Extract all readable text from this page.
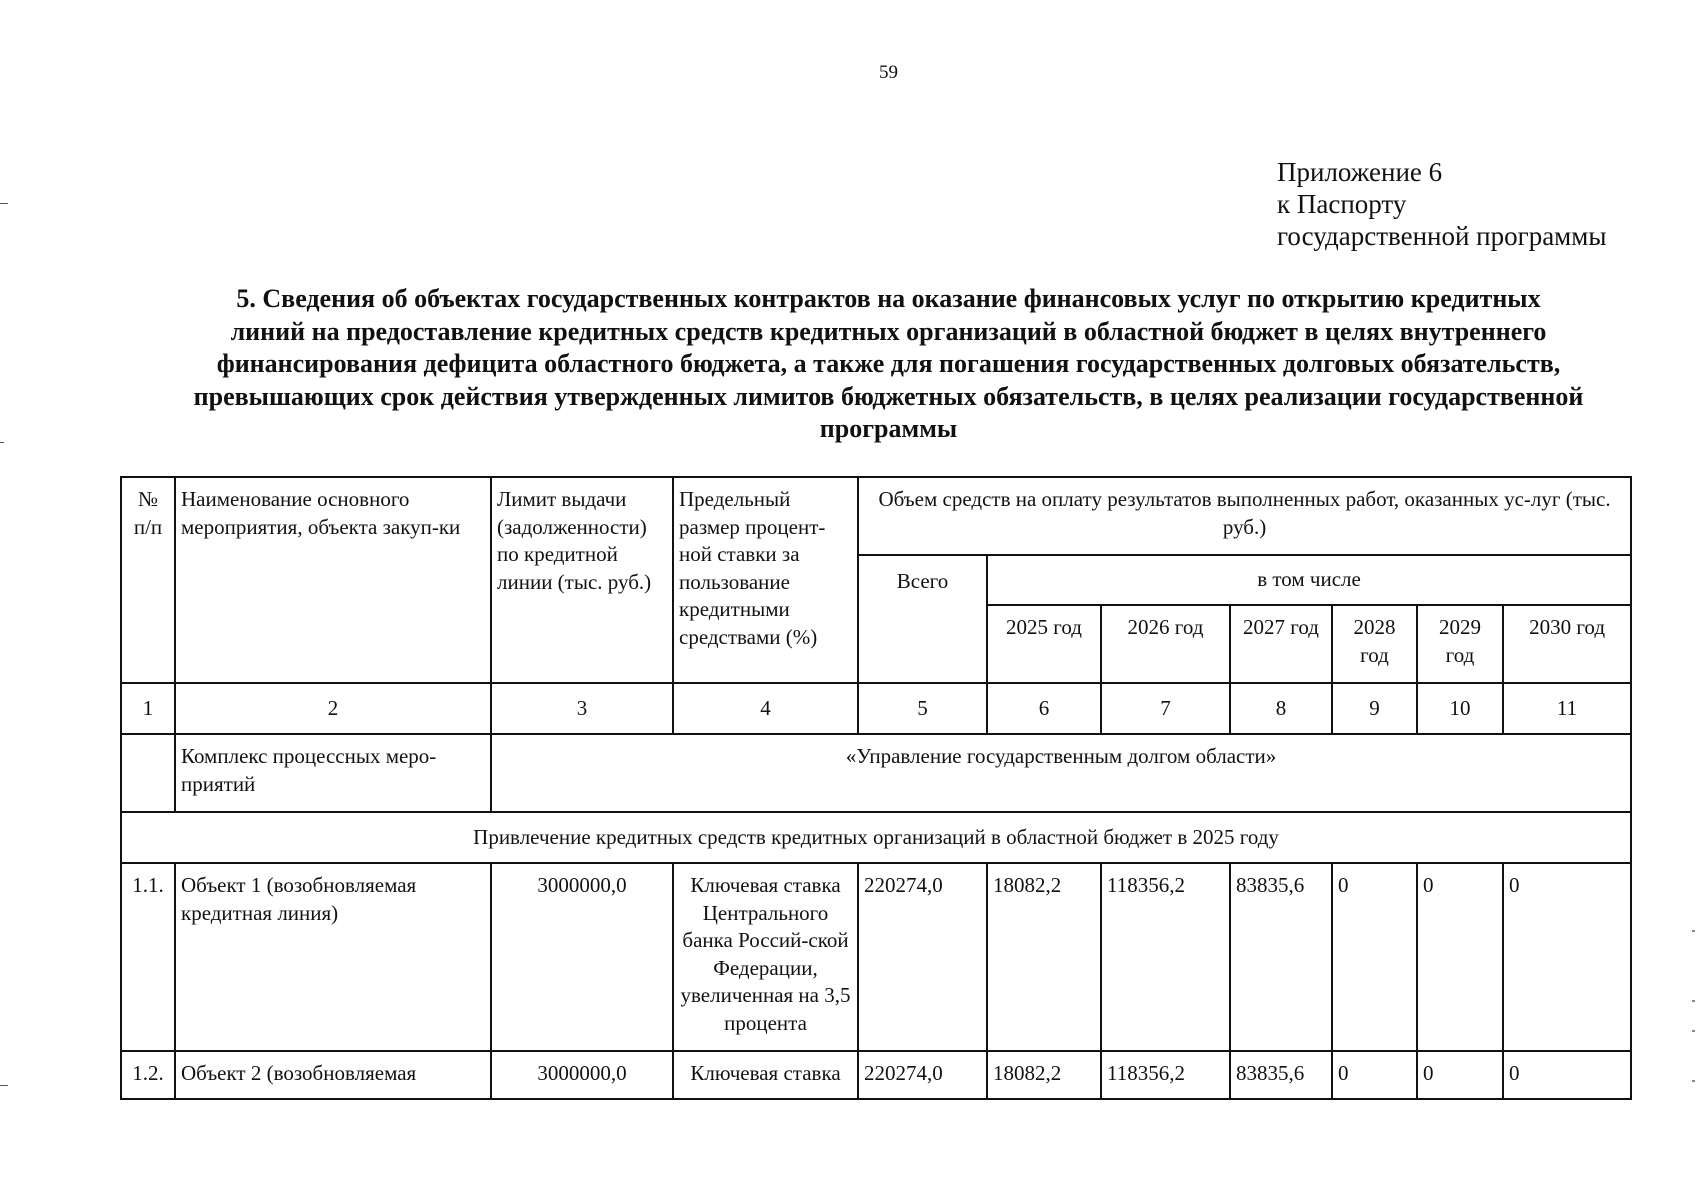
59
Приложение 6
к Паспорту
государственной программы
5. Сведения об объектах государственных контрактов на оказание финансовых услуг по открытию кредитных
линий на предоставление кредитных средств кредитных организаций в областной бюджет в целях внутреннего
финансирования дефицита областного бюджета, а также для погашения государственных долговых обязательств,
превышающих срок действия утвержденных лимитов бюджетных обязательств, в целях реализации государственной
программы
№ п/п	Наименование основного мероприятия, объекта закуп-ки	Лимит выдачи (задолженности) по кредитной линии (тыс. руб.)	Предельный размер процент-ной ставки за пользование кредитными средствами (%)	Объем средств на оплату результатов выполненных работ, оказанных ус-луг (тыс. руб.)						
				Всего	в том числе					
					2025 год	2026 год	2027 год	2028 год	2029 год	2030 год
1	2	3	4	5	6	7	8	9	10	11
	Комплекс процессных меро-приятий	«Управление государственным долгом области»								
Привлечение кредитных средств кредитных организаций в областной бюджет в 2025 году										
1.1.	Объект 1 (возобновляемая кредитная линия)	3000000,0	Ключевая ставка Центрального банка Россий-ской Федерации, увеличенная на 3,5 процента	220274,0	18082,2	118356,2	83835,6	0	0	0
1.2.	Объект 2 (возобновляемая	3000000,0	Ключевая ставка	220274,0	18082,2	118356,2	83835,6	0	0	0
